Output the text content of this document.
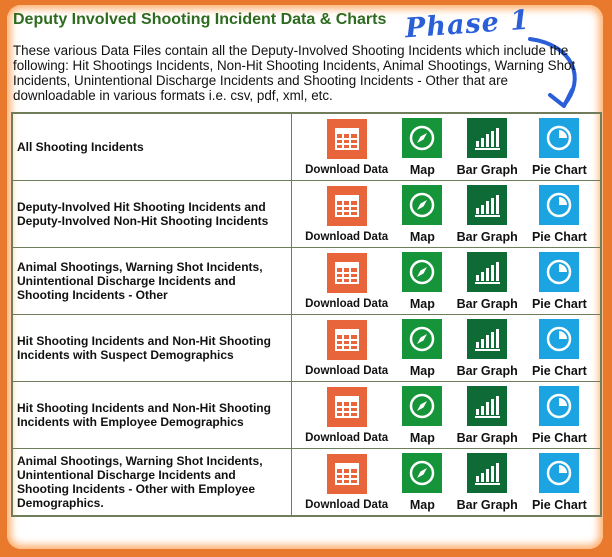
Deputy Involved Shooting Incident Data & Charts Phase 1
These various Data Files contain all the Deputy-Involved Shooting Incidents which include the following: Hit Shootings Incidents, Non-Hit Shooting Incidents, Animal Shootings, Warning Shot Incidents, Unintentional Discharge Incidents and Shooting Incidents - Other that are downloadable in various formats i.e. csv, pdf, xml, etc.
All Shooting Incidents	Download Data Map Bar Graph Pie Chart

Deputy-Involved Hit Shooting Incidents and Deputy-Involved Non-Hit Shooting Incidents	Download Data Map Bar Graph Pie Chart

Animal Shootings, Warning Shot Incidents, Unintentional Discharge Incidents and Shooting Incidents - Other	Download Data Map Bar Graph Pie Chart

Hit Shooting Incidents and Non-Hit Shooting Incidents with Suspect Demographics	Download Data Map Bar Graph Pie Chart

Hit Shooting Incidents and Non-Hit Shooting Incidents with Employee Demographics	Download Data Map Bar Graph Pie Chart

Animal Shootings, Warning Shot Incidents, Unintentional Discharge Incidents and Shooting Incidents - Other with Employee Demographics.	Download Data Map Bar Graph Pie Chart
